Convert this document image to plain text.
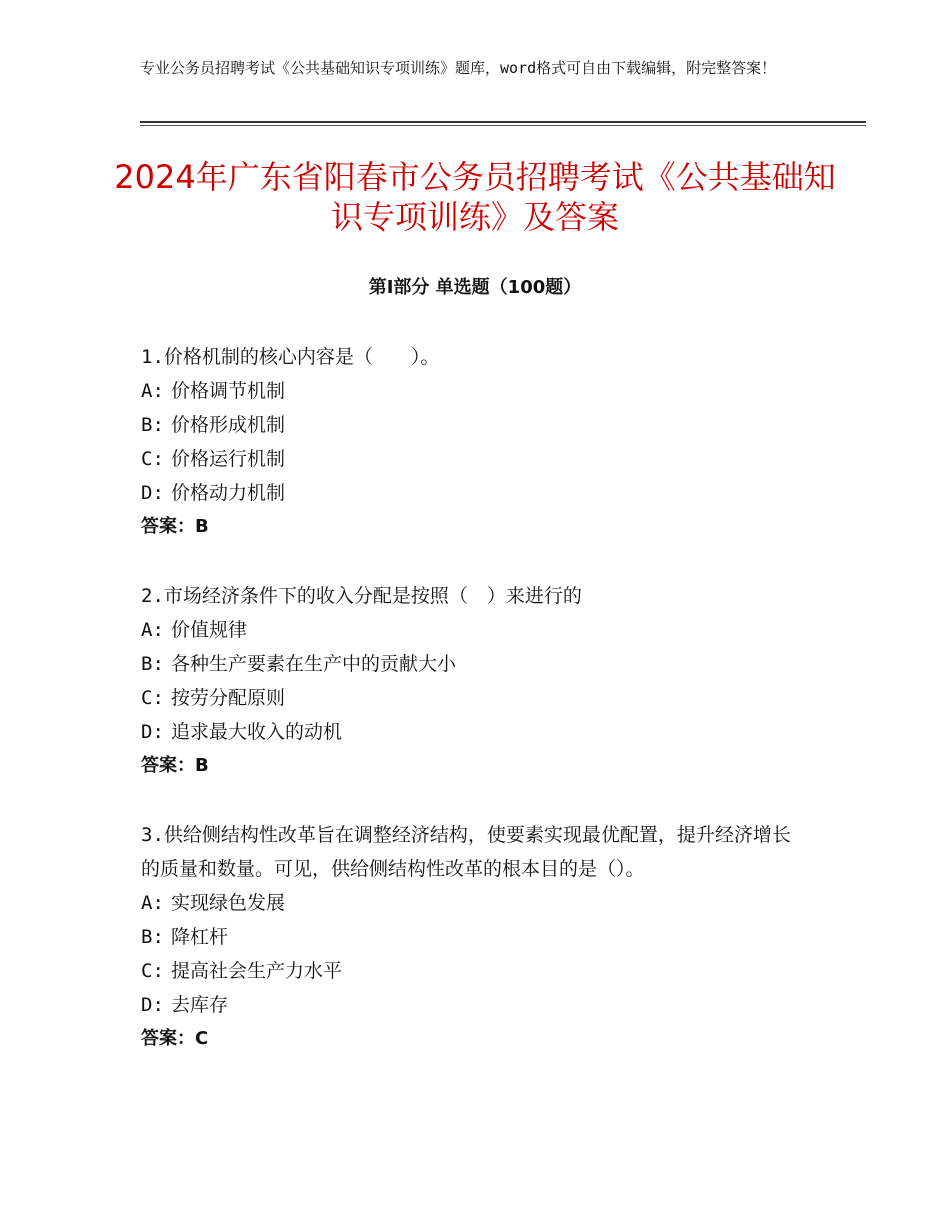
专业公务员招聘考试《公共基础知识专项训练》题库，word格式可自由下载编辑，附完整答案！
2024年广东省阳春市公务员招聘考试《公共基础知识专项训练》及答案
第Ⅰ部分 单选题（100题）

1.价格机制的核心内容是（　　）。

A: 价格调节机制

B: 价格形成机制

C: 价格运行机制

D: 价格动力机制

答案：B

2.市场经济条件下的收入分配是按照（　）来进行的

A: 价值规律

B: 各种生产要素在生产中的贡献大小

C: 按劳分配原则

D: 追求最大收入的动机

答案：B

3.供给侧结构性改革旨在调整经济结构，使要素实现最优配置，提升经济增长的质量和数量。可见，供给侧结构性改革的根本目的是（）。

A: 实现绿色发展

B: 降杠杆

C: 提高社会生产力水平

D: 去库存

答案：C
